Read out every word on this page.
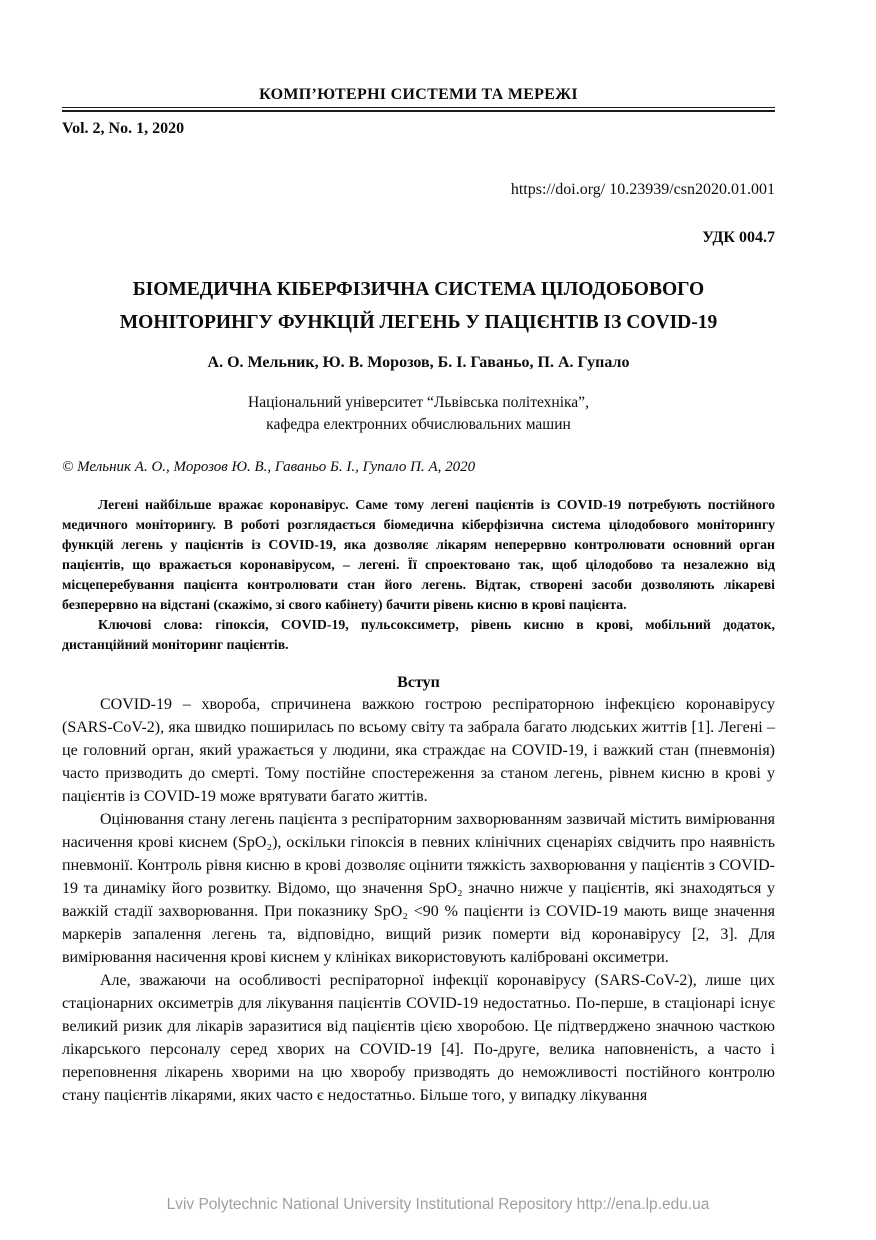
КОМП’ЮТЕРНІ СИСТЕМИ ТА МЕРЕЖІ
Vol. 2, No. 1, 2020
https://doi.org/ 10.23939/csn2020.01.001
УДК 004.7
БІОМЕДИЧНА КІБЕРФІЗИЧНА СИСТЕМА ЦІЛОДОБОВОГО МОНІТОРИНГУ ФУНКЦІЙ ЛЕГЕНЬ У ПАЦІЄНТІВ ІЗ COVID-19
А. О. Мельник, Ю. В. Морозов, Б. І. Гаваньо, П. А. Гупало
Національний університет “Львівська політехніка”,
кафедра електронних обчислювальних машин
© Мельник А. О., Морозов Ю. В., Гаваньо Б. І., Гупало П. А, 2020

Легені найбільше вражає коронавірус. Саме тому легені пацієнтів із COVID-19 потребують постійного медичного моніторингу. В роботі розглядається біомедична кіберфізична система цілодобового моніторингу функцій легень у пацієнтів із COVID-19, яка дозволяє лікарям неперервно контролювати основний орган пацієнтів, що вражається коронавірусом, – легені. Її спроектовано так, щоб цілодобово та незалежно від місцеперебування пацієнта контролювати стан його легень. Відтак, створені засоби дозволяють лікареві безперервно на відстані (скажімо, зі свого кабінету) бачити рівень кисню в крові пацієнта.

Ключові слова: гіпоксія, COVID-19, пульсоксиметр, рівень кисню в крові, мобільний додаток, дистанційний моніторинг пацієнтів.

Вступ

COVID-19 – хвороба, спричинена важкою гострою респіраторною інфекцією коронавірусу (SARS-CoV-2), яка швидко поширилась по всьому світу та забрала багато людських життів [1]. Легені – це головний орган, який уражається у людини, яка страждає на COVID-19, і важкий стан (пневмонія) часто призводить до смерті. Тому постійне спостереження за станом легень, рівнем кисню в крові у пацієнтів із COVID-19 може врятувати багато життів.

Оцінювання стану легень пацієнта з респіраторним захворюванням зазвичай містить вимірювання насичення крові киснем (SpO₂), оскільки гіпоксія в певних клінічних сценаріях свідчить про наявність пневмонії. Контроль рівня кисню в крові дозволяє оцінити тяжкість захворювання у пацієнтів з COVID-19 та динаміку його розвитку. Відомо, що значення SpO₂ значно нижче у пацієнтів, які знаходяться у важкій стадії захворювання. При показнику SpO₂ <90 % пацієнти із COVID-19 мають вище значення маркерів запалення легень та, відповідно, вищий ризик померти від коронавірусу [2, 3]. Для вимірювання насичення крові киснем у клініках використовують калібровані оксиметри.

Але, зважаючи на особливості респіраторної інфекції коронавірусу (SARS-CoV-2), лише цих стаціонарних оксиметрів для лікування пацієнтів COVID-19 недостатньо. По-перше, в стаціонарі існує великий ризик для лікарів заразитися від пацієнтів цією хворобою. Це підтверджено значною часткою лікарського персоналу серед хворих на COVID-19 [4]. По-друге, велика наповненість, а часто і переповнення лікарень хворими на цю хворобу призводять до неможливості постійного контролю стану пацієнтів лікарями, яких часто є недостатньо. Більше того, у випадку лікування

Lviv Polytechnic National University Institutional Repository http://ena.lp.edu.ua
